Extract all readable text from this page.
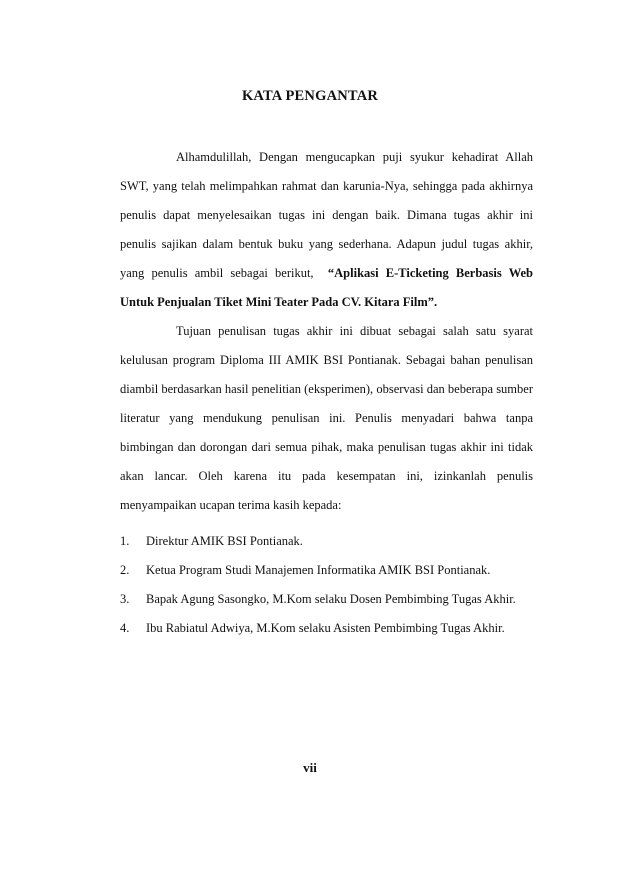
KATA PENGANTAR

Alhamdulillah, Dengan mengucapkan puji syukur kehadirat Allah SWT, yang telah melimpahkan rahmat dan karunia-Nya, sehingga pada akhirnya penulis dapat menyelesaikan tugas ini dengan baik. Dimana tugas akhir ini penulis sajikan dalam bentuk buku yang sederhana. Adapun judul tugas akhir, yang penulis ambil sebagai berikut, “Aplikasi E-Ticketing Berbasis Web Untuk Penjualan Tiket Mini Teater Pada CV. Kitara Film”.

Tujuan penulisan tugas akhir ini dibuat sebagai salah satu syarat kelulusan program Diploma III AMIK BSI Pontianak. Sebagai bahan penulisan diambil berdasarkan hasil penelitian (eksperimen), observasi dan beberapa sumber literatur yang mendukung penulisan ini. Penulis menyadari bahwa tanpa bimbingan dan dorongan dari semua pihak, maka penulisan tugas akhir ini tidak akan lancar. Oleh karena itu pada kesempatan ini, izinkanlah penulis menyampaikan ucapan terima kasih kepada:

1. Direktur AMIK BSI Pontianak.
2. Ketua Program Studi Manajemen Informatika AMIK BSI Pontianak.
3. Bapak Agung Sasongko, M.Kom selaku Dosen Pembimbing Tugas Akhir.
4. Ibu Rabiatul Adwiya, M.Kom selaku Asisten Pembimbing Tugas Akhir.
vii
